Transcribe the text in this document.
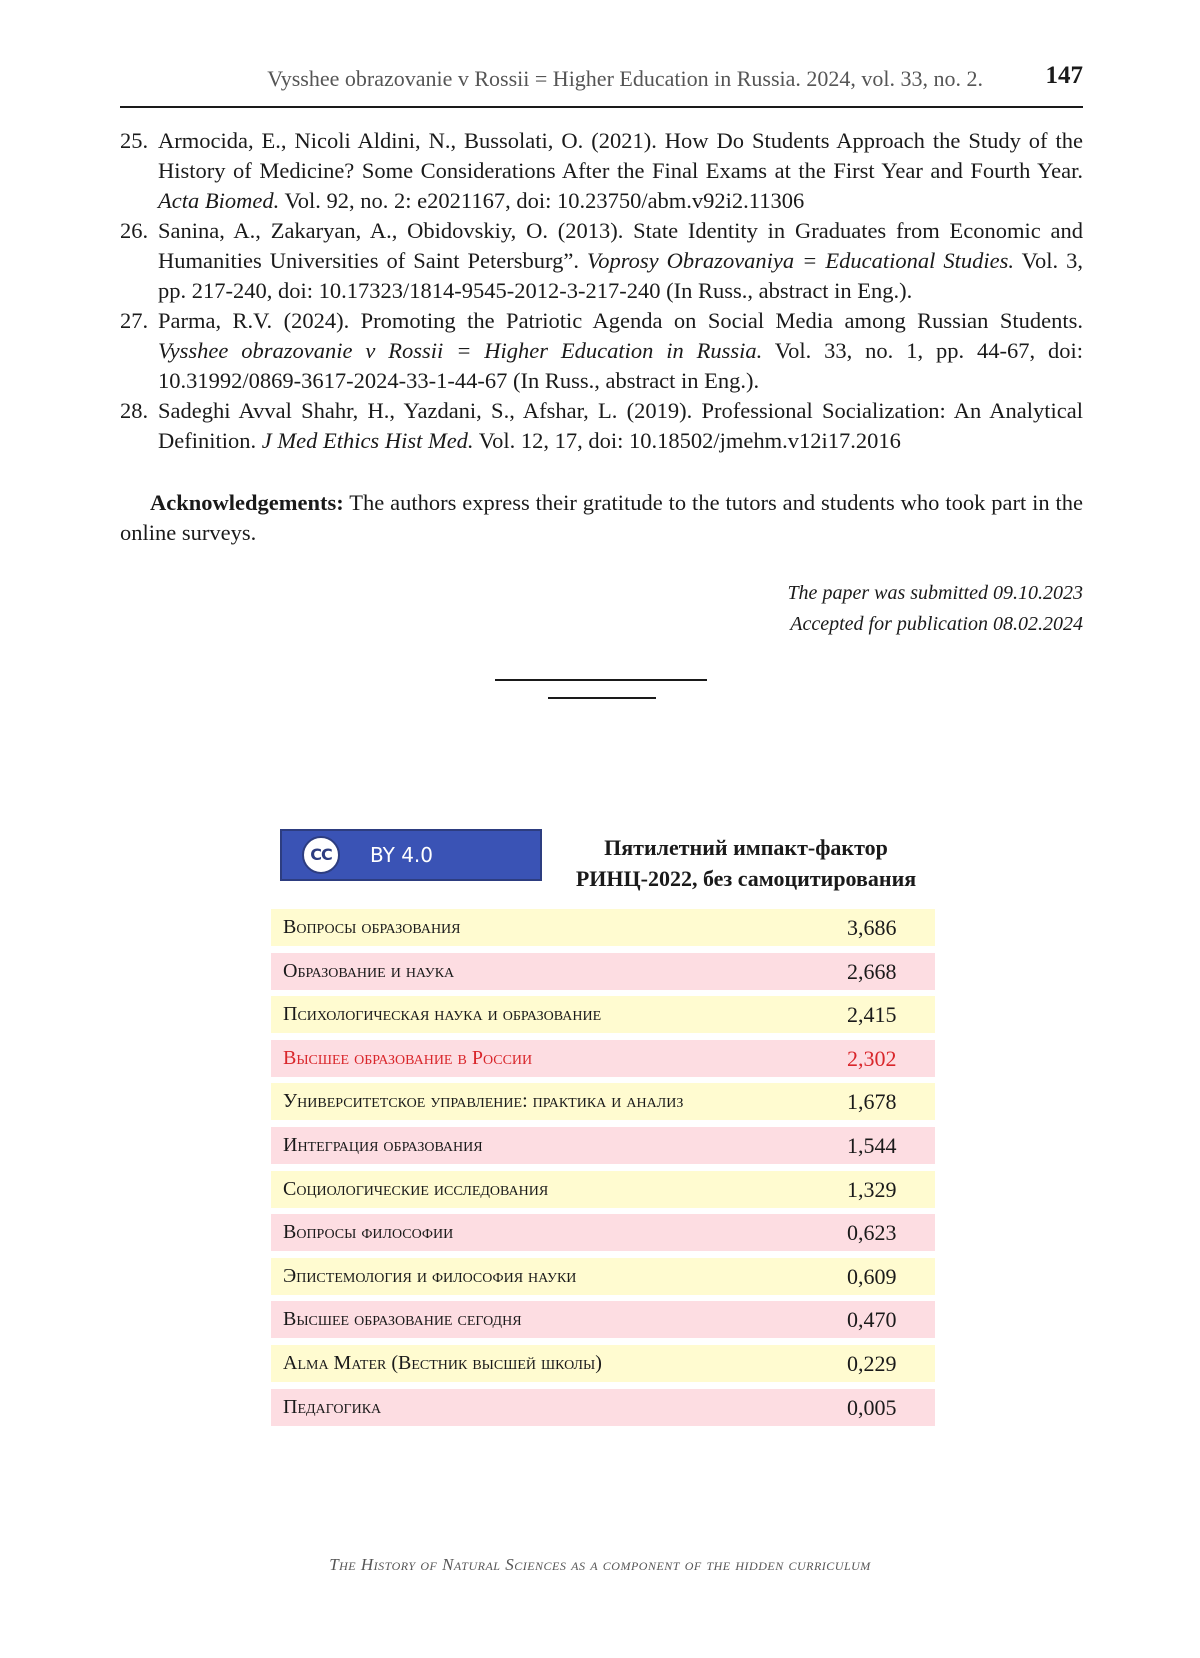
Vysshee obrazovanie v Rossii = Higher Education in Russia. 2024, vol. 33, no. 2.	147
25. Armocida, E., Nicoli Aldini, N., Bussolati, O. (2021). How Do Students Approach the Study of the History of Medicine? Some Considerations After the Final Exams at the First Year and Fourth Year. Acta Biomed. Vol. 92, no. 2: e2021167, doi: 10.23750/abm.v92i2.11306
26. Sanina, A., Zakaryan, A., Obidovskiy, O. (2013). State Identity in Graduates from Economic and Humanities Universities of Saint Petersburg”. Voprosy Obrazovaniya = Educational Studies. Vol. 3, pp. 217-240, doi: 10.17323/1814-9545-2012-3-217-240 (In Russ., abstract in Eng.).
27. Parma, R.V. (2024). Promoting the Patriotic Agenda on Social Media among Russian Students. Vysshee obrazovanie v Rossii = Higher Education in Russia. Vol. 33, no. 1, pp. 44-67, doi: 10.31992/0869-3617-2024-33-1-44-67 (In Russ., abstract in Eng.).
28. Sadeghi Avval Shahr, H., Yazdani, S., Afshar, L. (2019). Professional Socialization: An Analytical Definition. J Med Ethics Hist Med. Vol. 12, 17, doi: 10.18502/jmehm.v12i17.2016
Acknowledgements: The authors express their gratitude to the tutors and students who took part in the online surveys.
The paper was submitted 09.10.2023
Accepted for publication 08.02.2024
CC	BY 4.0	Пятилетний импакт-фактор
РИНЦ-2022, без самоцитирования
Вопросы образования	3,686
Образование и наука	2,668
Психологическая наука и образование	2,415
Высшее образование в России	2,302
Университетское управление: практика и анализ	1,678
Интеграция образования	1,544
Социологические исследования	1,329
Вопросы философии	0,623
Эпистемология и философия науки	0,609
Высшее образование сегодня	0,470
Alma Mater (Вестник высшей школы)	0,229
Педагогика	0,005
The History of Natural Sciences as a component of the hidden curriculum
